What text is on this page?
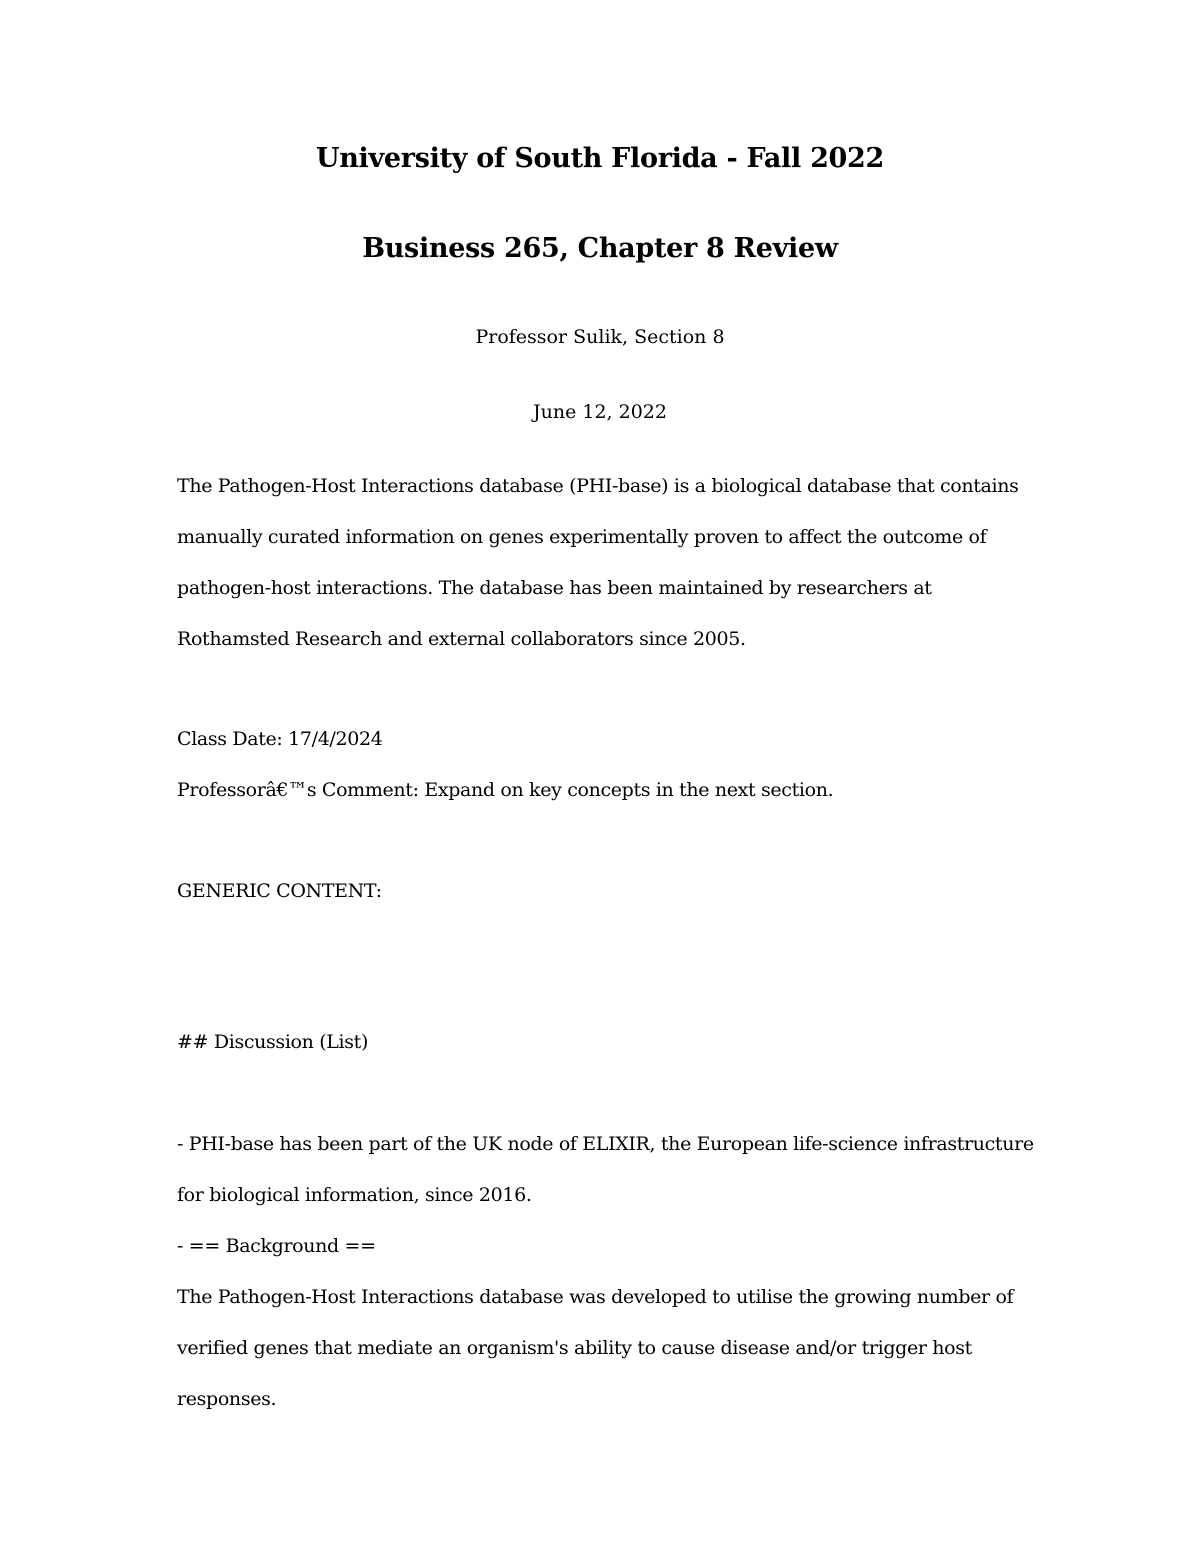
University of South Florida - Fall 2022
Business 265, Chapter 8 Review
Professor Sulik, Section 8
June 12, 2022
The Pathogen-Host Interactions database (PHI-base) is a biological database that contains
manually curated information on genes experimentally proven to affect the outcome of
pathogen-host interactions. The database has been maintained by researchers at
Rothamsted Research and external collaborators since 2005.
Class Date: 17/4/2024
Professorâ€™s Comment: Expand on key concepts in the next section.
GENERIC CONTENT:
## Discussion (List)
- PHI-base has been part of the UK node of ELIXIR, the European life-science infrastructure
for biological information, since 2016.
- == Background ==
The Pathogen-Host Interactions database was developed to utilise the growing number of
verified genes that mediate an organism's ability to cause disease and/or trigger host
responses.
